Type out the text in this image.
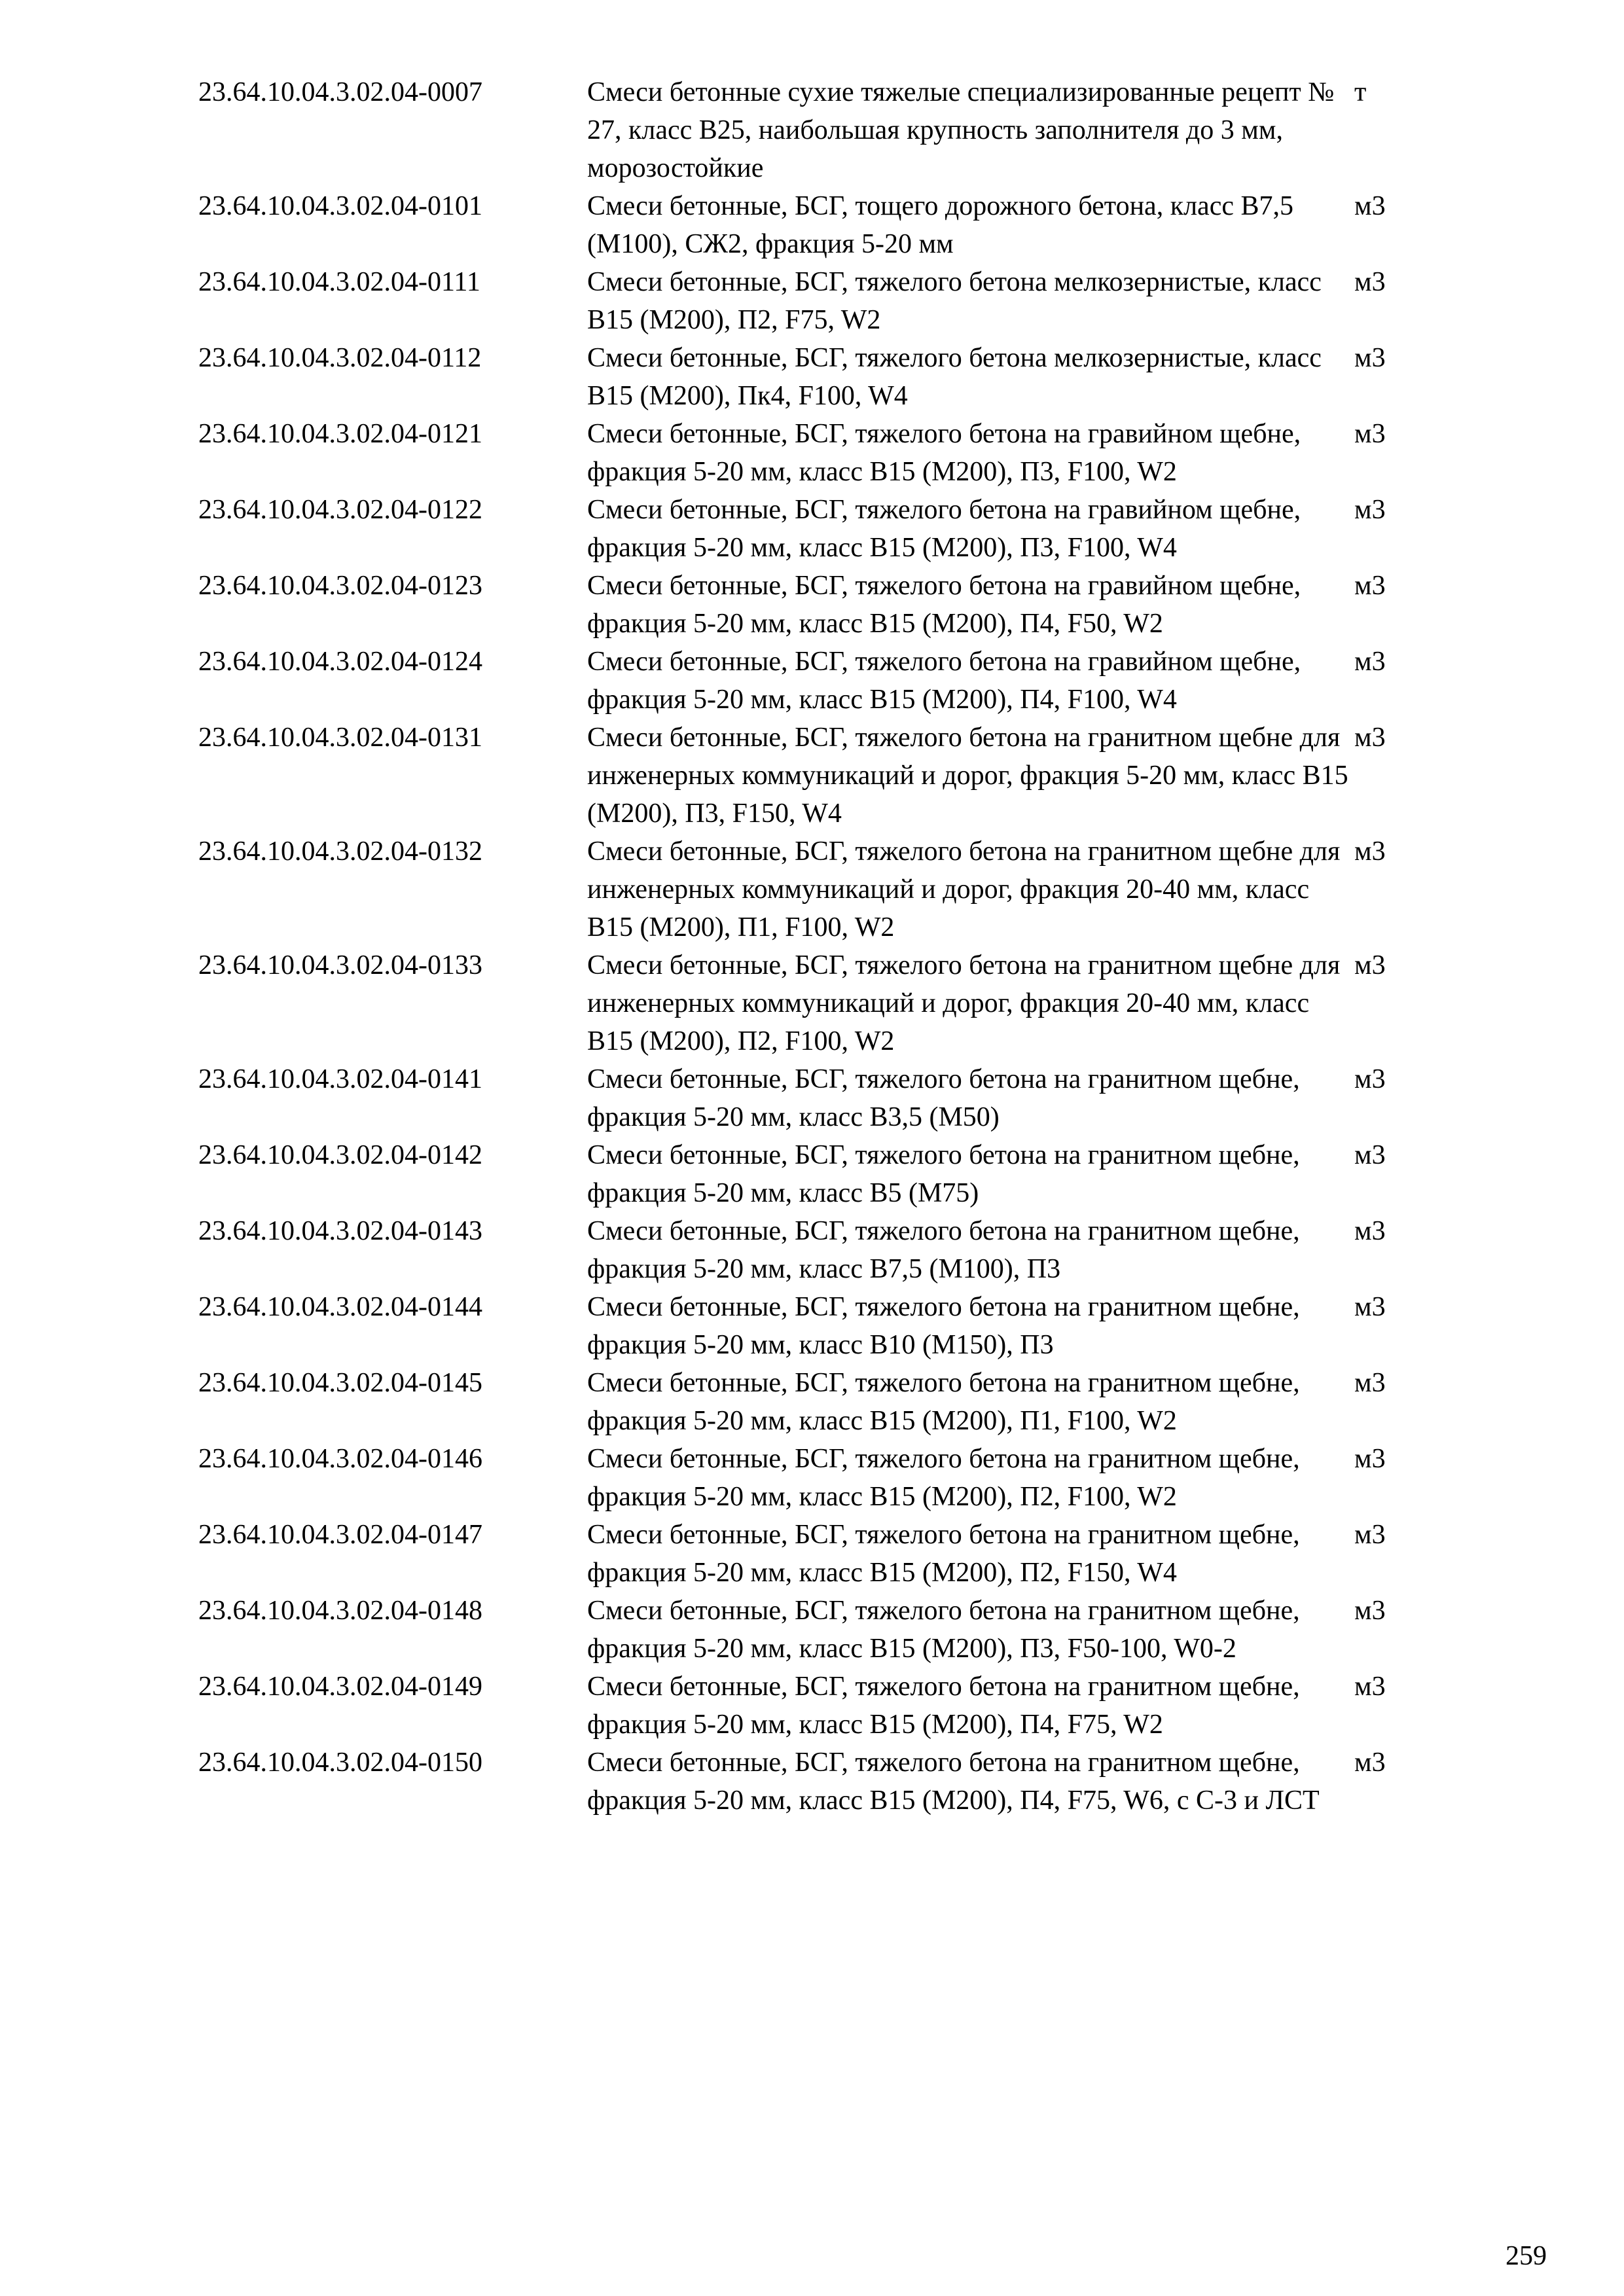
23.64.10.04.3.02.04-0007	Смеси бетонные сухие тяжелые специализированные рецепт № 27, класс В25, наибольшая крупность заполнителя до 3 мм, морозостойкие	т
23.64.10.04.3.02.04-0101	Смеси бетонные, БСГ, тощего дорожного бетона, класс В7,5 (М100), СЖ2, фракция 5-20 мм	м3
23.64.10.04.3.02.04-0111	Смеси бетонные, БСГ, тяжелого бетона мелкозернистые, класс В15 (М200), П2, F75, W2	м3
23.64.10.04.3.02.04-0112	Смеси бетонные, БСГ, тяжелого бетона мелкозернистые, класс В15 (М200), Пк4, F100, W4	м3
23.64.10.04.3.02.04-0121	Смеси бетонные, БСГ, тяжелого бетона на гравийном щебне, фракция 5-20 мм, класс В15 (М200), П3, F100, W2	м3
23.64.10.04.3.02.04-0122	Смеси бетонные, БСГ, тяжелого бетона на гравийном щебне, фракция 5-20 мм, класс В15 (М200), П3, F100, W4	м3
23.64.10.04.3.02.04-0123	Смеси бетонные, БСГ, тяжелого бетона на гравийном щебне, фракция 5-20 мм, класс В15 (М200), П4, F50, W2	м3
23.64.10.04.3.02.04-0124	Смеси бетонные, БСГ, тяжелого бетона на гравийном щебне, фракция 5-20 мм, класс В15 (М200), П4, F100, W4	м3
23.64.10.04.3.02.04-0131	Смеси бетонные, БСГ, тяжелого бетона на гранитном щебне для инженерных коммуникаций и дорог, фракция 5-20 мм, класс В15 (М200), П3, F150, W4	м3
23.64.10.04.3.02.04-0132	Смеси бетонные, БСГ, тяжелого бетона на гранитном щебне для инженерных коммуникаций и дорог, фракция 20-40 мм, класс В15 (М200), П1, F100, W2	м3
23.64.10.04.3.02.04-0133	Смеси бетонные, БСГ, тяжелого бетона на гранитном щебне для инженерных коммуникаций и дорог, фракция 20-40 мм, класс В15 (М200), П2, F100, W2	м3
23.64.10.04.3.02.04-0141	Смеси бетонные, БСГ, тяжелого бетона на гранитном щебне, фракция 5-20 мм, класс В3,5 (М50)	м3
23.64.10.04.3.02.04-0142	Смеси бетонные, БСГ, тяжелого бетона на гранитном щебне, фракция 5-20 мм, класс В5 (М75)	м3
23.64.10.04.3.02.04-0143	Смеси бетонные, БСГ, тяжелого бетона на гранитном щебне, фракция 5-20 мм, класс В7,5 (М100), П3	м3
23.64.10.04.3.02.04-0144	Смеси бетонные, БСГ, тяжелого бетона на гранитном щебне, фракция 5-20 мм, класс В10 (М150), П3	м3
23.64.10.04.3.02.04-0145	Смеси бетонные, БСГ, тяжелого бетона на гранитном щебне, фракция 5-20 мм, класс В15 (М200), П1, F100, W2	м3
23.64.10.04.3.02.04-0146	Смеси бетонные, БСГ, тяжелого бетона на гранитном щебне, фракция 5-20 мм, класс В15 (М200), П2, F100, W2	м3
23.64.10.04.3.02.04-0147	Смеси бетонные, БСГ, тяжелого бетона на гранитном щебне, фракция 5-20 мм, класс В15 (М200), П2, F150, W4	м3
23.64.10.04.3.02.04-0148	Смеси бетонные, БСГ, тяжелого бетона на гранитном щебне, фракция 5-20 мм, класс В15 (М200), П3, F50-100, W0-2	м3
23.64.10.04.3.02.04-0149	Смеси бетонные, БСГ, тяжелого бетона на гранитном щебне, фракция 5-20 мм, класс В15 (М200), П4, F75, W2	м3
23.64.10.04.3.02.04-0150	Смеси бетонные, БСГ, тяжелого бетона на гранитном щебне, фракция 5-20 мм, класс В15 (М200), П4, F75, W6, с С-3 и ЛСТ	м3
259
